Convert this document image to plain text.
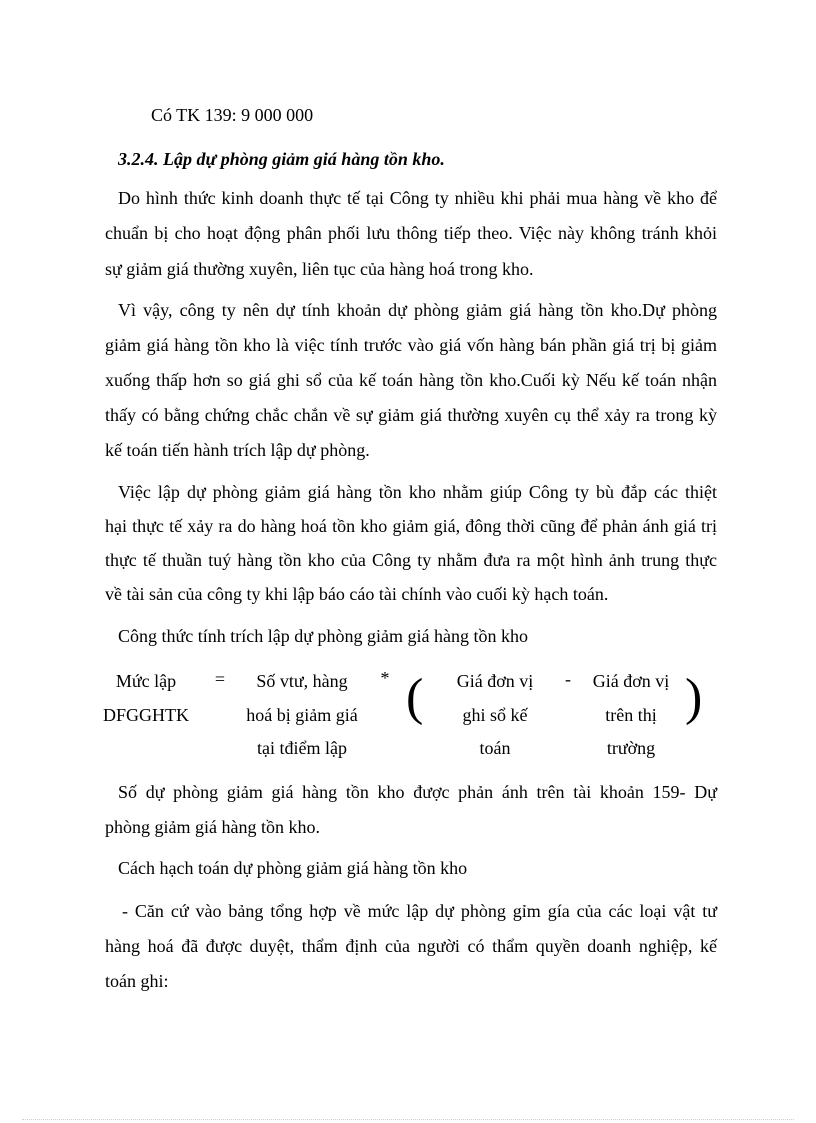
Có TK 139: 9 000 000

3.2.4. Lập dự phòng giảm giá hàng tồn kho.

Do hình thức kinh doanh thực tế tại Công ty nhiều khi phải mua hàng về kho để

chuẩn bị cho hoạt động phân phối lưu thông tiếp theo. Việc này không tránh khỏi

sự giảm giá thường xuyên, liên tục của hàng hoá trong kho.

Vì vậy, công ty nên dự tính khoản dự phòng giảm giá hàng tồn kho.Dự phòng

giảm giá hàng tồn kho là việc tính trước vào giá vốn hàng bán phần giá trị bị giảm

xuống thấp hơn so giá ghi sổ của kế toán hàng tồn kho.Cuối kỳ Nếu kế toán nhận

thấy có bằng chứng chắc chắn về sự giảm giá thường xuyên cụ thể xảy ra trong kỳ

kế toán tiến hành trích lập dự phòng.

Việc lập dự phòng giảm giá hàng tồn kho nhằm giúp Công ty bù đắp các thiệt

hại thực tế xảy ra do hàng hoá tồn kho giảm giá, đông thời cũng để phản ánh giá trị

thực tế thuần tuý hàng tồn kho của Công ty nhằm đưa ra một hình ảnh trung thực

về tài sản của công ty khi lập báo cáo tài chính vào cuối kỳ hạch toán.

Công thức tính trích lập dự phòng giảm giá hàng tồn kho

Mức lập

DFGGHTK

=	Số vtư, hàng

hoá bị giảm giá

tại tđiểm lập

* (	Giá đơn vị

ghi sổ kế

toán

-	Giá đơn vị

trên thị

trường

)

Số dự phòng giảm giá hàng tồn kho được phản ánh trên tài khoản 159- Dự

phòng giảm giá hàng tồn kho.

Cách hạch toán dự phòng giảm giá hàng tồn kho

- Căn cứ vào bảng tổng hợp về mức lập dự phòng gỉm gía của các loại vật tư

hàng hoá đã được duyệt, thẩm định của người có thẩm quyền doanh nghiệp, kế

toán ghi:
